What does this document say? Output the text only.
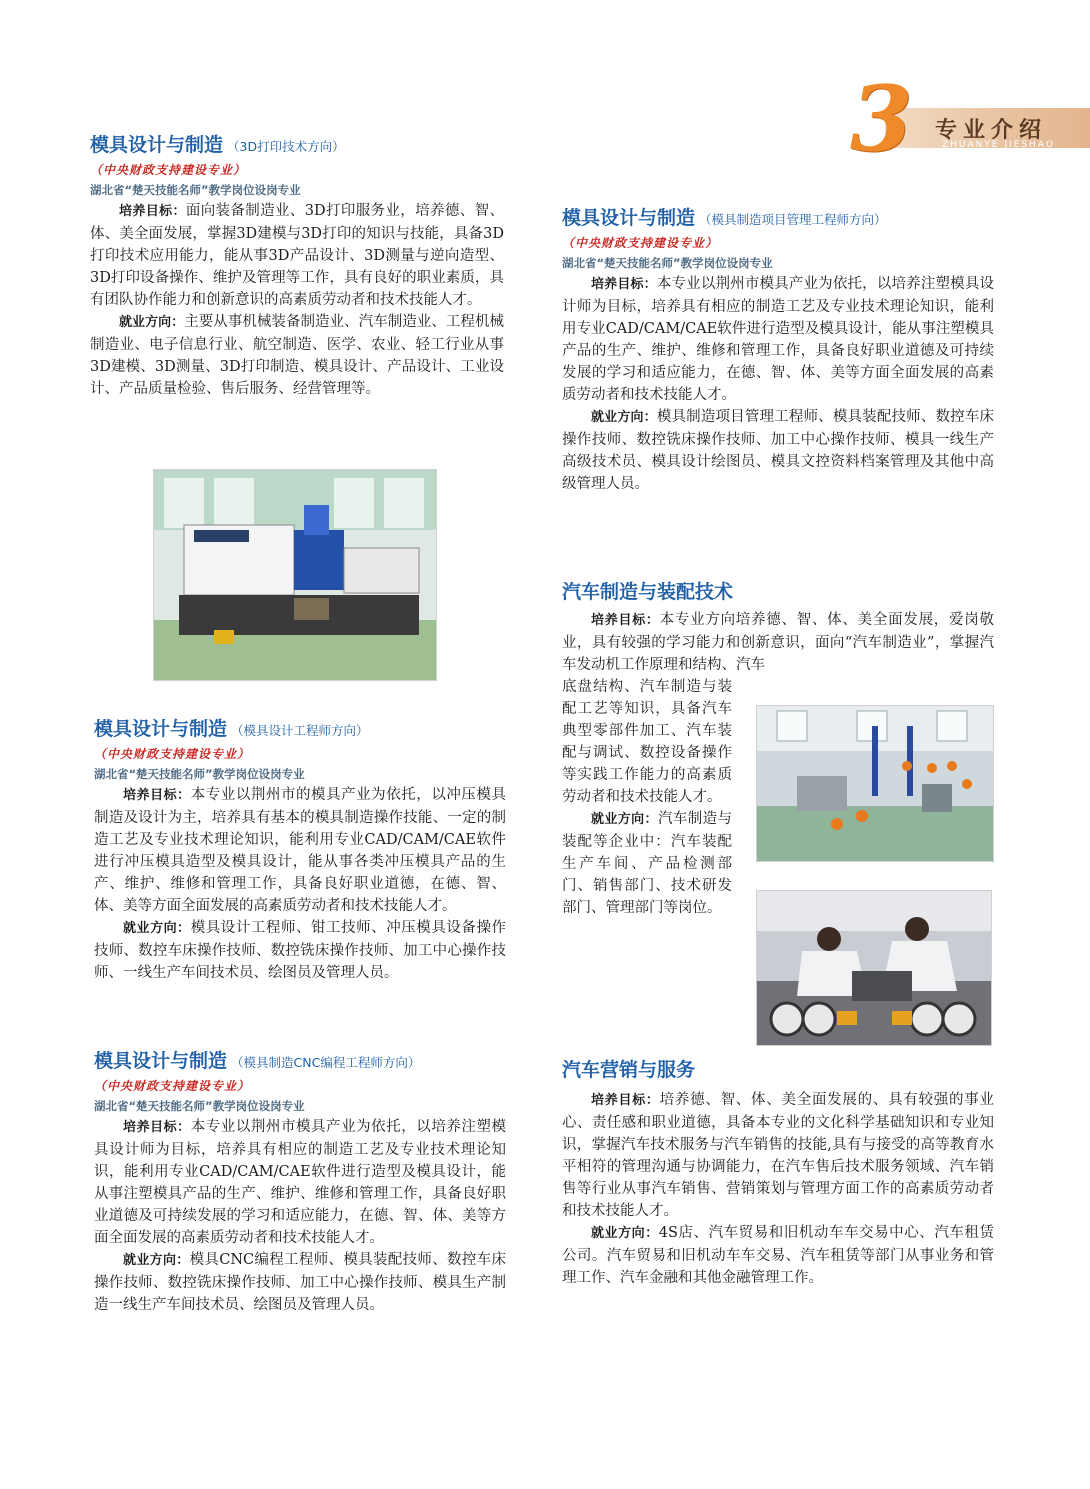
3 专业介绍
ZHUANYE JIESHAO
模具设计与制造 （3D打印技术方向）
（中央财政支持建设专业）
湖北省“楚天技能名师”教学岗位设岗专业

培养目标：面向装备制造业、3D打印服务业，培养德、智、体、美全面发展，掌握3D建模与3D打印的知识与技能，具备3D打印技术应用能力，能从事3D产品设计、3D测量与逆向造型、3D打印设备操作、维护及管理等工作，具有良好的职业素质，具有团队协作能力和创新意识的高素质劳动者和技术技能人才。

就业方向：主要从事机械装备制造业、汽车制造业、工程机械制造业、电子信息行业、航空制造、医学、农业、轻工行业从事3D建模、3D测量、3D打印制造、模具设计、产品设计、工业设计、产品质量检验、售后服务、经营管理等。

模具设计与制造 （模具设计工程师方向）
（中央财政支持建设专业）
湖北省“楚天技能名师”教学岗位设岗专业

培养目标：本专业以荆州市的模具产业为依托，以冲压模具制造及设计为主，培养具有基本的模具制造操作技能、一定的制造工艺及专业技术理论知识，能利用专业CAD/CAM/CAE软件进行冲压模具造型及模具设计，能从事各类冲压模具产品的生产、维护、维修和管理工作，具备良好职业道德，在德、智、体、美等方面全面发展的高素质劳动者和技术技能人才。

就业方向：模具设计工程师、钳工技师、冲压模具设备操作技师、数控车床操作技师、数控铣床操作技师、加工中心操作技师、一线生产车间技术员、绘图员及管理人员。

模具设计与制造 （模具制造CNC编程工程师方向）
（中央财政支持建设专业）
湖北省“楚天技能名师”教学岗位设岗专业

培养目标：本专业以荆州市模具产业为依托，以培养注塑模具设计师为目标，培养具有相应的制造工艺及专业技术理论知识，能利用专业CAD/CAM/CAE软件进行造型及模具设计，能从事注塑模具产品的生产、维护、维修和管理工作，具备良好职业道德及可持续发展的学习和适应能力，在德、智、体、美等方面全面发展的高素质劳动者和技术技能人才。

就业方向：模具CNC编程工程师、模具装配技师、数控车床操作技师、数控铣床操作技师、加工中心操作技师、模具生产制造一线生产车间技术员、绘图员及管理人员。

模具设计与制造 （模具制造项目管理工程师方向）
（中央财政支持建设专业）
湖北省“楚天技能名师”教学岗位设岗专业

培养目标：本专业以荆州市模具产业为依托，以培养注塑模具设计师为目标，培养具有相应的制造工艺及专业技术理论知识，能利用专业CAD/CAM/CAE软件进行造型及模具设计，能从事注塑模具产品的生产、维护、维修和管理工作，具备良好职业道德及可持续发展的学习和适应能力，在德、智、体、美等方面全面发展的高素质劳动者和技术技能人才。

就业方向：模具制造项目管理工程师、模具装配技师、数控车床操作技师、数控铣床操作技师、加工中心操作技师、模具一线生产高级技术员、模具设计绘图员、模具文控资料档案管理及其他中高级管理人员。

汽车制造与装配技术

培养目标：本专业方向培养德、智、体、美全面发展，爱岗敬业，具有较强的学习能力和创新意识，面向“汽车制造业”，掌握汽车发动机工作原理和结构、汽车

底盘结构、汽车制造与装配工艺等知识，具备汽车典型零部件加工、汽车装配与调试、数控设备操作等实践工作能力的高素质劳动者和技术技能人才。

就业方向：汽车制造与装配等企业中：汽车装配生产车间、产品检测部门、销售部门、技术研发部门、管理部门等岗位。

汽车营销与服务

培养目标：培养德、智、体、美全面发展的、具有较强的事业心、责任感和职业道德，具备本专业的文化科学基础知识和专业知识，掌握汽车技术服务与汽车销售的技能,具有与接受的高等教育水平相符的管理沟通与协调能力，在汽车售后技术服务领域、汽车销售等行业从事汽车销售、营销策划与管理方面工作的高素质劳动者和技术技能人才。

就业方向：4S店、汽车贸易和旧机动车车交易中心、汽车租赁公司。汽车贸易和旧机动车车交易、汽车租赁等部门从事业务和管理工作、汽车金融和其他金融管理工作。
